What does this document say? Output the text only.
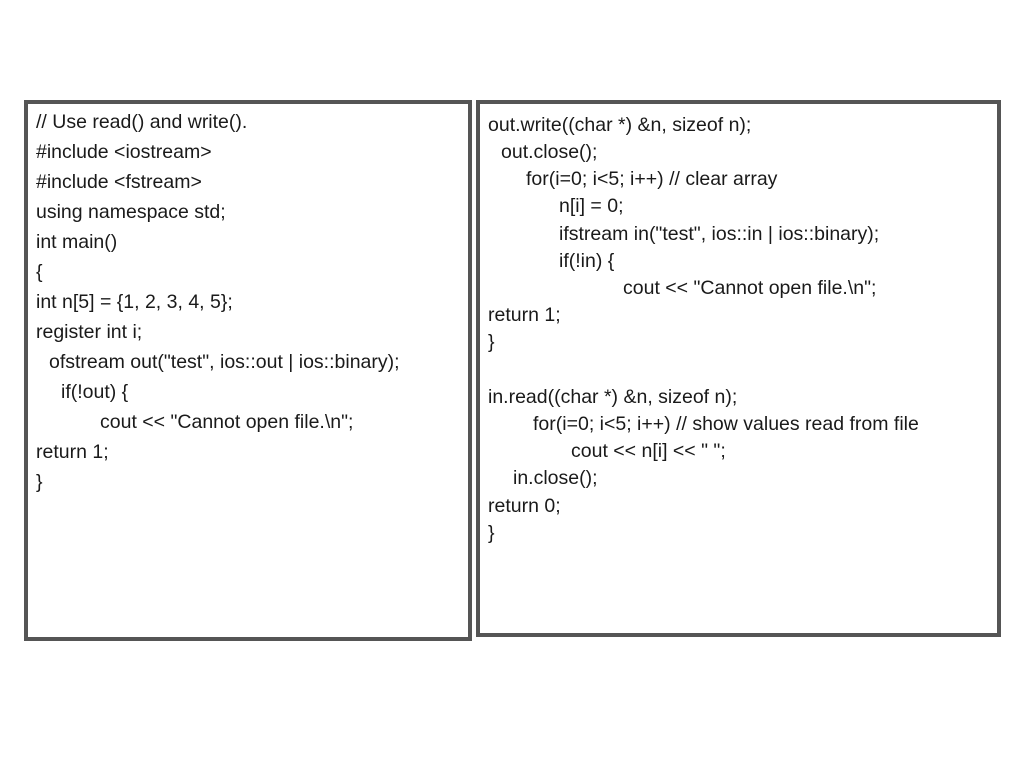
// Use read() and write().
#include <iostream>
#include <fstream>
using namespace std;
int main()
{
int n[5] = {1, 2, 3, 4, 5};
register int i;
ofstream out("test", ios::out | ios::binary);
if(!out) {
cout << "Cannot open file.\n";
return 1;
}
out.write((char *) &n, sizeof n);
out.close();
for(i=0; i<5; i++) // clear array
n[i] = 0;
ifstream in("test", ios::in | ios::binary);
if(!in) {
cout << "Cannot open file.\n";
return 1;
}
in.read((char *) &n, sizeof n);
for(i=0; i<5; i++) // show values read from file
cout << n[i] << " ";
in.close();
return 0;
}
